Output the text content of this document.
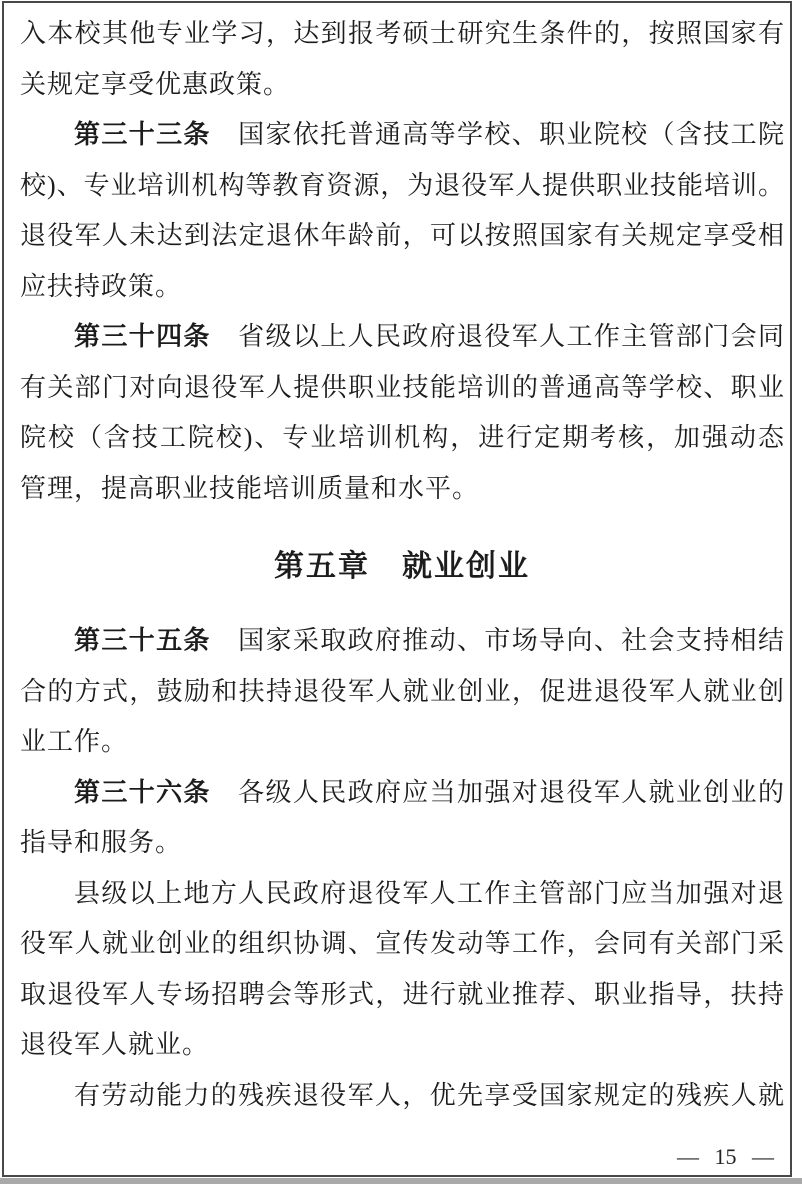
入本校其他专业学习，达到报考硕士研究生条件的，按照国家有
关规定享受优惠政策。
第三十三条　国家依托普通高等学校、职业院校（含技工院
校)、专业培训机构等教育资源，为退役军人提供职业技能培训。
退役军人未达到法定退休年龄前，可以按照国家有关规定享受相
应扶持政策。
第三十四条　省级以上人民政府退役军人工作主管部门会同
有关部门对向退役军人提供职业技能培训的普通高等学校、职业
院校（含技工院校)、专业培训机构，进行定期考核，加强动态
管理，提高职业技能培训质量和水平。
第五章　就业创业
第三十五条　国家采取政府推动、市场导向、社会支持相结
合的方式，鼓励和扶持退役军人就业创业，促进退役军人就业创
业工作。
第三十六条　各级人民政府应当加强对退役军人就业创业的
指导和服务。
县级以上地方人民政府退役军人工作主管部门应当加强对退
役军人就业创业的组织协调、宣传发动等工作，会同有关部门采
取退役军人专场招聘会等形式，进行就业推荐、职业指导，扶持
退役军人就业。
有劳动能力的残疾退役军人，优先享受国家规定的残疾人就
— 15 —
